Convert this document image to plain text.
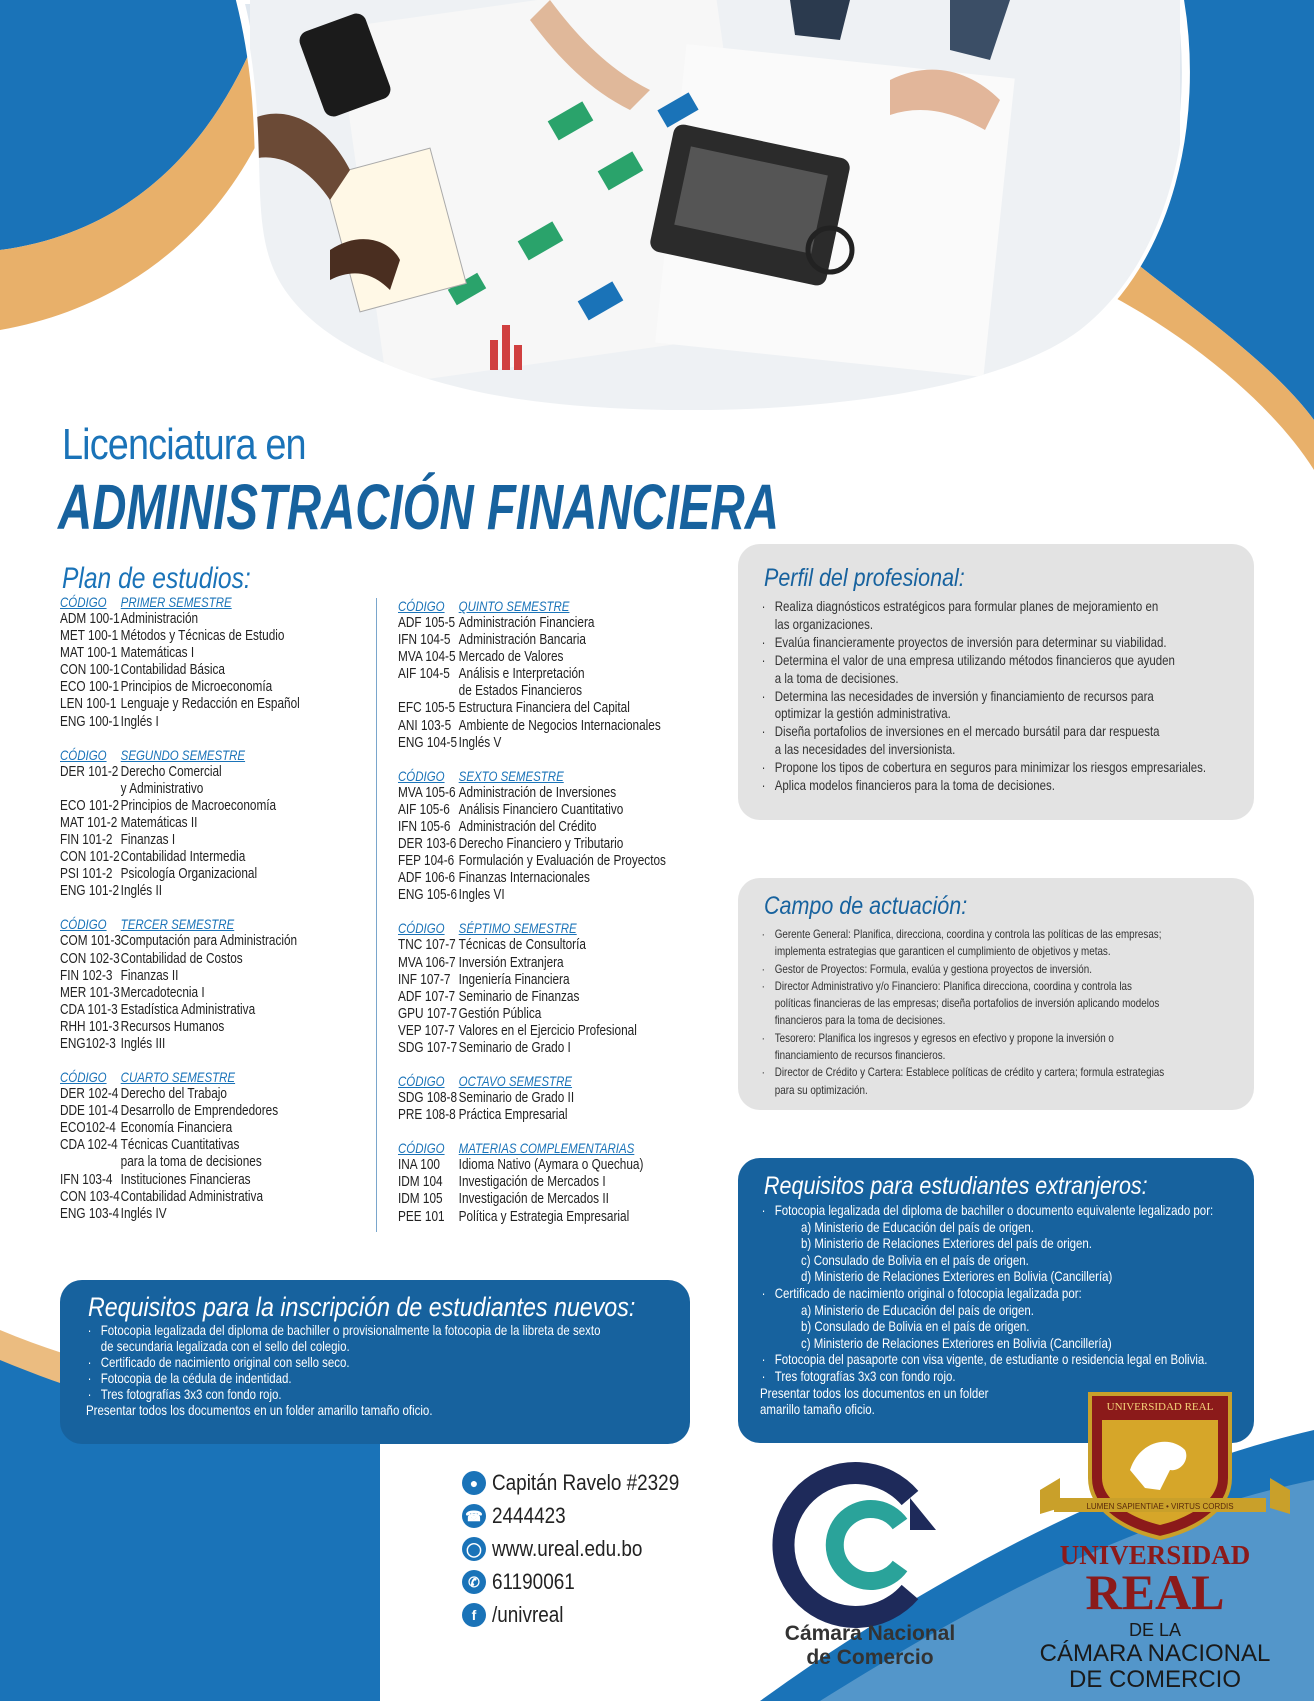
Licenciatura en
ADMINISTRACIÓN FINANCIERA
Plan de estudios:
CÓDIGO	PRIMER SEMESTRE
ADM 100-1 Administración
MET 100-1 Métodos y Técnicas de Estudio
MAT 100-1 Matemáticas I
CON 100-1 Contabilidad Básica
ECO 100-1 Principios de Microeconomía
LEN 100-1 Lenguaje y Redacción en Español
ENG 100-1 Inglés I
CÓDIGO	SEGUNDO SEMESTRE
DER 101-2 Derecho Comercial
y Administrativo
ECO 101-2 Principios de Macroeconomía
MAT 101-2 Matemáticas II
FIN 101-2 Finanzas I
CON 101-2 Contabilidad Intermedia
PSI 101-2 Psicología Organizacional
ENG 101-2 Inglés II
CÓDIGO	TERCER SEMESTRE
COM 101-3 Computación para Administración
CON 102-3 Contabilidad de Costos
FIN 102-3 Finanzas II
MER 101-3 Mercadotecnia I
CDA 101-3 Estadística Administrativa
RHH 101-3 Recursos Humanos
ENG102-3 Inglés III
CÓDIGO	CUARTO SEMESTRE
DER 102-4 Derecho del Trabajo
DDE 101-4 Desarrollo de Emprendedores
ECO102-4 Economía Financiera
CDA 102-4 Técnicas Cuantitativas
para la toma de decisiones
IFN 103-4 Instituciones Financieras
CON 103-4 Contabilidad Administrativa
ENG 103-4 Inglés IV
CÓDIGO	QUINTO SEMESTRE
ADF 105-5 Administración Financiera
IFN 104-5 Administración Bancaria
MVA 104-5 Mercado de Valores
AIF 104-5 Análisis e Interpretación
de Estados Financieros
EFC 105-5 Estructura Financiera del Capital
ANI 103-5 Ambiente de Negocios Internacionales
ENG 104-5 Inglés V
CÓDIGO	SEXTO SEMESTRE
MVA 105-6 Administración de Inversiones
AIF 105-6 Análisis Financiero Cuantitativo
IFN 105-6 Administración del Crédito
DER 103-6 Derecho Financiero y Tributario
FEP 104-6 Formulación y Evaluación de Proyectos
ADF 106-6 Finanzas Internacionales
ENG 105-6 Ingles VI
CÓDIGO	SÉPTIMO SEMESTRE
TNC 107-7 Técnicas de Consultoría
MVA 106-7 Inversión Extranjera
INF 107-7 Ingeniería Financiera
ADF 107-7 Seminario de Finanzas
GPU 107-7 Gestión Pública
VEP 107-7 Valores en el Ejercicio Profesional
SDG 107-7 Seminario de Grado I
CÓDIGO	OCTAVO SEMESTRE
SDG 108-8 Seminario de Grado II
PRE 108-8 Práctica Empresarial
CÓDIGO	MATERIAS COMPLEMENTARIAS
INA 100	Idioma Nativo (Aymara o Quechua)
IDM 104	Investigación de Mercados I
IDM 105	Investigación de Mercados II
PEE 101 Política y Estrategia Empresarial
Perfil del profesional:
· Realiza diagnósticos estratégicos para formular planes de mejoramiento en
las organizaciones.
· Evalúa financieramente proyectos de inversión para determinar su viabilidad.
· Determina el valor de una empresa utilizando métodos financieros que ayuden
a la toma de decisiones.
· Determina las necesidades de inversión y financiamiento de recursos para
optimizar la gestión administrativa.
· Diseña portafolios de inversiones en el mercado bursátil para dar respuesta
a las necesidades del inversionista.
· Propone los tipos de cobertura en seguros para minimizar los riesgos empresariales.
· Aplica modelos financieros para la toma de decisiones.
Campo de actuación:
· Gerente General: Planifica, direcciona, coordina y controla las políticas de las empresas;
implementa estrategias que garanticen el cumplimiento de objetivos y metas.
· Gestor de Proyectos: Formula, evalúa y gestiona proyectos de inversión.
· Director Administrativo y/o Financiero: Planifica direcciona, coordina y controla las
políticas financieras de las empresas; diseña portafolios de inversión aplicando modelos
financieros para la toma de decisiones.
· Tesorero: Planifica los ingresos y egresos en efectivo y propone la inversión o
financiamiento de recursos financieros.
· Director de Crédito y Cartera: Establece políticas de crédito y cartera; formula estrategias
para su optimización.
Requisitos para estudiantes extranjeros:
· Fotocopia legalizada del diploma de bachiller o documento equivalente legalizado por:
a) Ministerio de Educación del país de origen.
b) Ministerio de Relaciones Exteriores del país de origen.
c) Consulado de Bolivia en el país de origen.
d) Ministerio de Relaciones Exteriores en Bolivia (Cancillería)
· Certificado de nacimiento original o fotocopia legalizada por:
a) Ministerio de Educación del país de origen.
b) Consulado de Bolivia en el país de origen.
c) Ministerio de Relaciones Exteriores en Bolivia (Cancillería)
· Fotocopia del pasaporte con visa vigente, de estudiante o residencia legal en Bolivia.
· Tres fotografías 3x3 con fondo rojo.
Presentar todos los documentos en un folder
amarillo tamaño oficio.
Requisitos para la inscripción de estudiantes nuevos:
· Fotocopia legalizada del diploma de bachiller o provisionalmente la fotocopia de la libreta de sexto
de secundaria legalizada con el sello del colegio.
· Certificado de nacimiento original con sello seco.
· Fotocopia de la cédula de indentidad.
· Tres fotografías 3x3 con fondo rojo.
Presentar todos los documentos en un folder amarillo tamaño oficio.
● Capitán Ravelo #2329
☎ 2444423
◯ www.ureal.edu.bo
✆ 61190061
f /univreal
Cámara Nacional
de Comercio
UNIVERSIDAD REAL
LUMEN SAPIENTIAE • VIRTUS CORDIS
UNIVERSIDAD
REAL
DE LA
CÁMARA NACIONAL
DE COMERCIO
